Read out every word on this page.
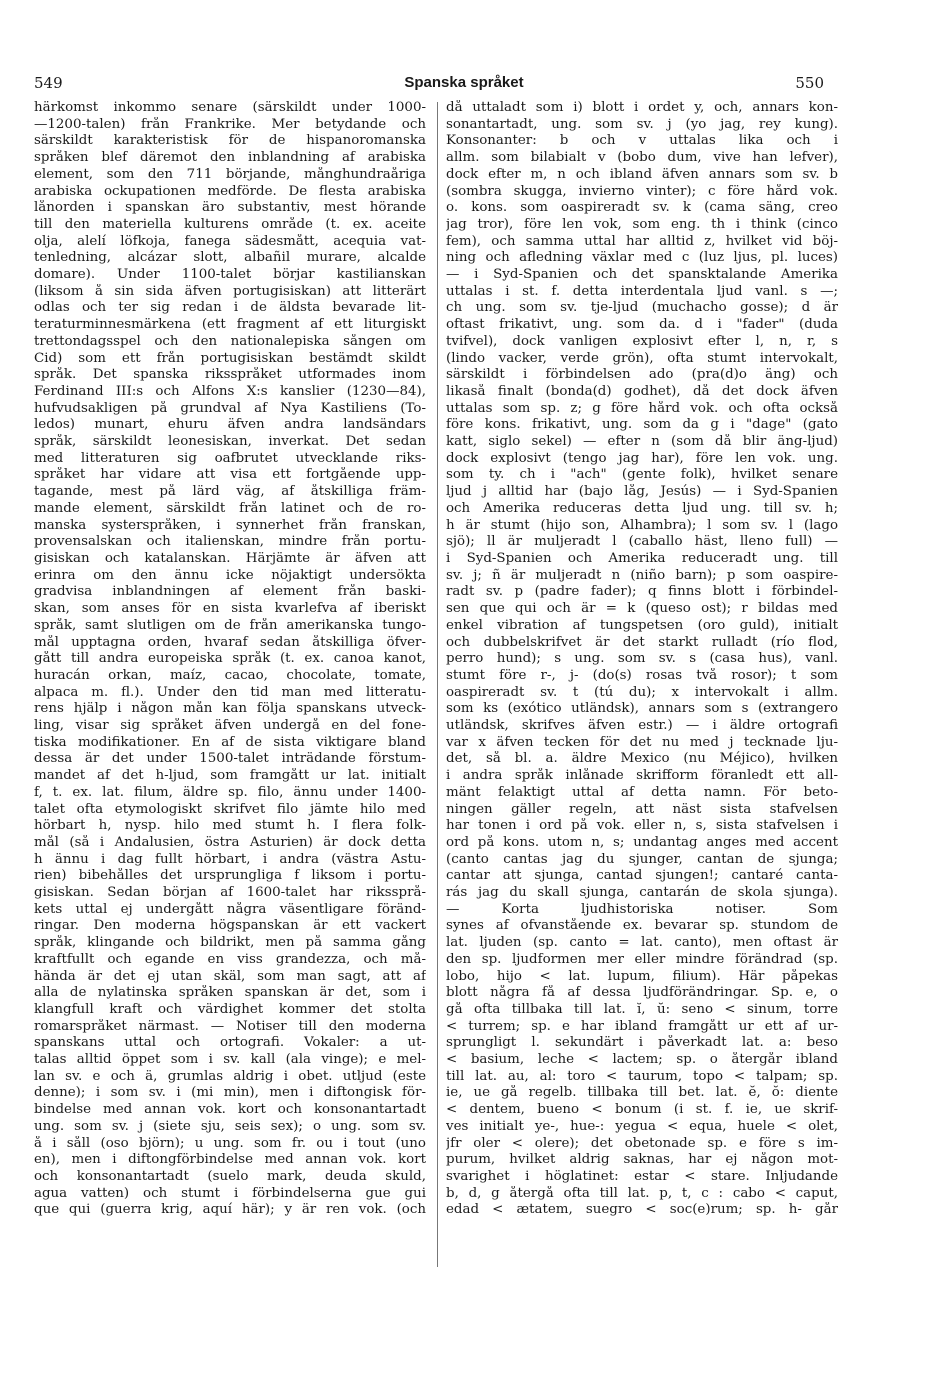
549	Spanska språket	550
härkomst inkommo senare (särskildt under 1000-
—1200-talen) från Frankrike. Mer betydande och
särskildt karakteristisk för de hispanoromanska
språken blef däremot den inblandning af arabiska
element, som den 711 börjande, månghundraåriga
arabiska ockupationen medförde. De flesta arabiska
lånorden i spanskan äro substantiv, mest hörande
till den materiella kulturens område (t. ex. aceite
olja, alelí löfkoja, fanega sädesmått, acequia vat-
tenledning, alcázar slott, albañil murare, alcalde
domare). Under 1100-talet börjar kastilianskan
(liksom å sin sida äfven portugisiskan) att litterärt
odlas och ter sig redan i de äldsta bevarade lit-
teraturminnesmärkena (ett fragment af ett liturgiskt
trettondagsspel och den nationalepiska sången om
Cid) som ett från portugisiskan bestämdt skildt
språk. Det spanska riksspråket utformades inom
Ferdinand III:s och Alfons X:s kanslier (1230—84),
hufvudsakligen på grundval af Nya Kastiliens (To-
ledos) munart, ehuru äfven andra landsändars
språk, särskildt leonesiskan, inverkat. Det sedan
med litteraturen sig oafbrutet utvecklande riks-
språket har vidare att visa ett fortgående upp-
tagande, mest på lärd väg, af åtskilliga främ-
mande element, särskildt från latinet och de ro-
manska systerspråken, i synnerhet från franskan,
provensalskan och italienskan, mindre från portu-
gisiskan och katalanskan. Härjämte är äfven att
erinra om den ännu icke nöjaktigt undersökta
gradvisa inblandningen af element från baski-
skan, som anses för en sista kvarlefva af iberiskt
språk, samt slutligen om de från amerikanska tungo-
mål upptagna orden, hvaraf sedan åtskilliga öfver-
gått till andra europeiska språk (t. ex. canoa kanot,
huracán orkan, maíz, cacao, chocolate, tomate,
alpaca m. fl.). Under den tid man med litteratu-
rens hjälp i någon mån kan följa spanskans utveck-
ling, visar sig språket äfven undergå en del fone-
tiska modifikationer. En af de sista viktigare bland
dessa är det under 1500-talet inträdande förstum-
mandet af det h-ljud, som framgått ur lat. initialt
f, t. ex. lat. filum, äldre sp. filo, ännu under 1400-
talet ofta etymologiskt skrifvet filo jämte hilo med
hörbart h, nysp. hilo med stumt h. I flera folk-
mål (så i Andalusien, östra Asturien) är dock detta
h ännu i dag fullt hörbart, i andra (västra Astu-
rien) bibehålles det ursprungliga f liksom i portu-
gisiskan. Sedan början af 1600-talet har rikssprå-
kets uttal ej undergått några väsentligare föränd-
ringar. Den moderna högspanskan är ett vackert
språk, klingande och bildrikt, men på samma gång
kraftfullt och egande en viss grandezza, och må-
hända är det ej utan skäl, som man sagt, att af
alla de nylatinska språken spanskan är det, som i
klangfull kraft och värdighet kommer det stolta
romarspråket närmast. — Notiser till den moderna
spanskans uttal och ortografi. Vokaler: a ut-
talas alltid öppet som i sv. kall (ala vinge); e mel-
lan sv. e och ä, grumlas aldrig i obet. utljud (este
denne); i som sv. i (mi min), men i diftongisk för-
bindelse med annan vok. kort och konsonantartadt
ung. som sv. j (siete sju, seis sex); o ung. som sv.
å i såll (oso björn); u ung. som fr. ou i tout (uno
en), men i diftongförbindelse med annan vok. kort
och konsonantartadt (suelo mark, deuda skuld,
agua vatten) och stumt i förbindelserna gue gui
que qui (guerra krig, aquí här); y är ren vok. (och
då uttaladt som i) blott i ordet y, och, annars kon-
sonantartadt, ung. som sv. j (yo jag, rey kung).
Konsonanter: b och v uttalas lika och i
allm. som bilabialt v (bobo dum, vive han lefver),
dock efter m, n och ibland äfven annars som sv. b
(sombra skugga, invierno vinter); c före hård vok.
o. kons. som oaspireradt sv. k (cama säng, creo
jag tror), före len vok, som eng. th i think (cinco
fem), och samma uttal har alltid z, hvilket vid böj-
ning och afledning växlar med c (luz ljus, pl. luces)
— i Syd-Spanien och det spansktalande Amerika
uttalas i st. f. detta interdentala ljud vanl. s —;
ch ung. som sv. tje-ljud (muchacho gosse); d är
oftast frikativt, ung. som da. d i "fader" (duda
tvifvel), dock vanligen explosivt efter l, n, r, s
(lindo vacker, verde grön), ofta stumt intervokalt,
särskildt i förbindelsen ado (pra(d)o äng) och
likaså finalt (bonda(d) godhet), då det dock äfven
uttalas som sp. z; g före hård vok. och ofta också
före kons. frikativt, ung. som da g i "dage" (gato
katt, siglo sekel) — efter n (som då blir äng-ljud)
dock explosivt (tengo jag har), före len vok. ung.
som ty. ch i "ach" (gente folk), hvilket senare
ljud j alltid har (bajo låg, Jesús) — i Syd-Spanien
och Amerika reduceras detta ljud ung. till sv. h;
h är stumt (hijo son, Alhambra); l som sv. l (lago
sjö); ll är muljeradt l (caballo häst, lleno full) —
i Syd-Spanien och Amerika reduceradt ung. till
sv. j; ñ är muljeradt n (niño barn); p som oaspire-
radt sv. p (padre fader); q finns blott i förbindel-
sen que qui och är = k (queso ost); r bildas med
enkel vibration af tungspetsen (oro guld), initialt
och dubbelskrifvet är det starkt rulladt (río flod,
perro hund); s ung. som sv. s (casa hus), vanl.
stumt före r-, j- (do(s) rosas två rosor); t som
oaspireradt sv. t (tú du); x intervokalt i allm.
som ks (exótico utländsk), annars som s (extrangero
utländsk, skrifves äfven estr.) — i äldre ortografi
var x äfven tecken för det nu med j tecknade lju-
det, så bl. a. äldre Mexico (nu Méjico), hvilken
i andra språk inlånade skrifform föranledt ett all-
mänt felaktigt uttal af detta namn. För beto-
ningen gäller regeln, att näst sista stafvelsen
har tonen i ord på vok. eller n, s, sista stafvelsen i
ord på kons. utom n, s; undantag anges med accent
(canto cantas jag du sjunger, cantan de sjunga;
cantar att sjunga, cantad sjungen!; cantaré canta-
rás jag du skall sjunga, cantarán de skola sjunga).
— Korta ljudhistoriska notiser. Som
synes af ofvanstående ex. bevarar sp. stundom de
lat. ljuden (sp. canto = lat. canto), men oftast är
den sp. ljudformen mer eller mindre förändrad (sp.
lobo, hijo < lat. lupum, filium). Här påpekas
blott några få af dessa ljudförändringar. Sp. e, o
gå ofta tillbaka till lat. ĭ, ŭ: seno < sinum, torre
< turrem; sp. e har ibland framgått ur ett af ur-
sprungligt l. sekundärt i påverkadt lat. a: beso
< basium, leche < lactem; sp. o återgår ibland
till lat. au, al: toro < taurum, topo < talpam; sp.
ie, ue gå regelb. tillbaka till bet. lat. ĕ, ŏ: diente
< dentem, bueno < bonum (i st. f. ie, ue skrif-
ves initialt ye-, hue-: yegua < equa, huele < olet,
jfr oler < olere); det obetonade sp. e före s im-
purum, hvilket aldrig saknas, har ej någon mot-
svarighet i höglatinet: estar < stare. Inljudande
b, d, g återgå ofta till lat. p, t, c : cabo < caput,
edad < ætatem, suegro < soc(e)rum; sp. h- går
